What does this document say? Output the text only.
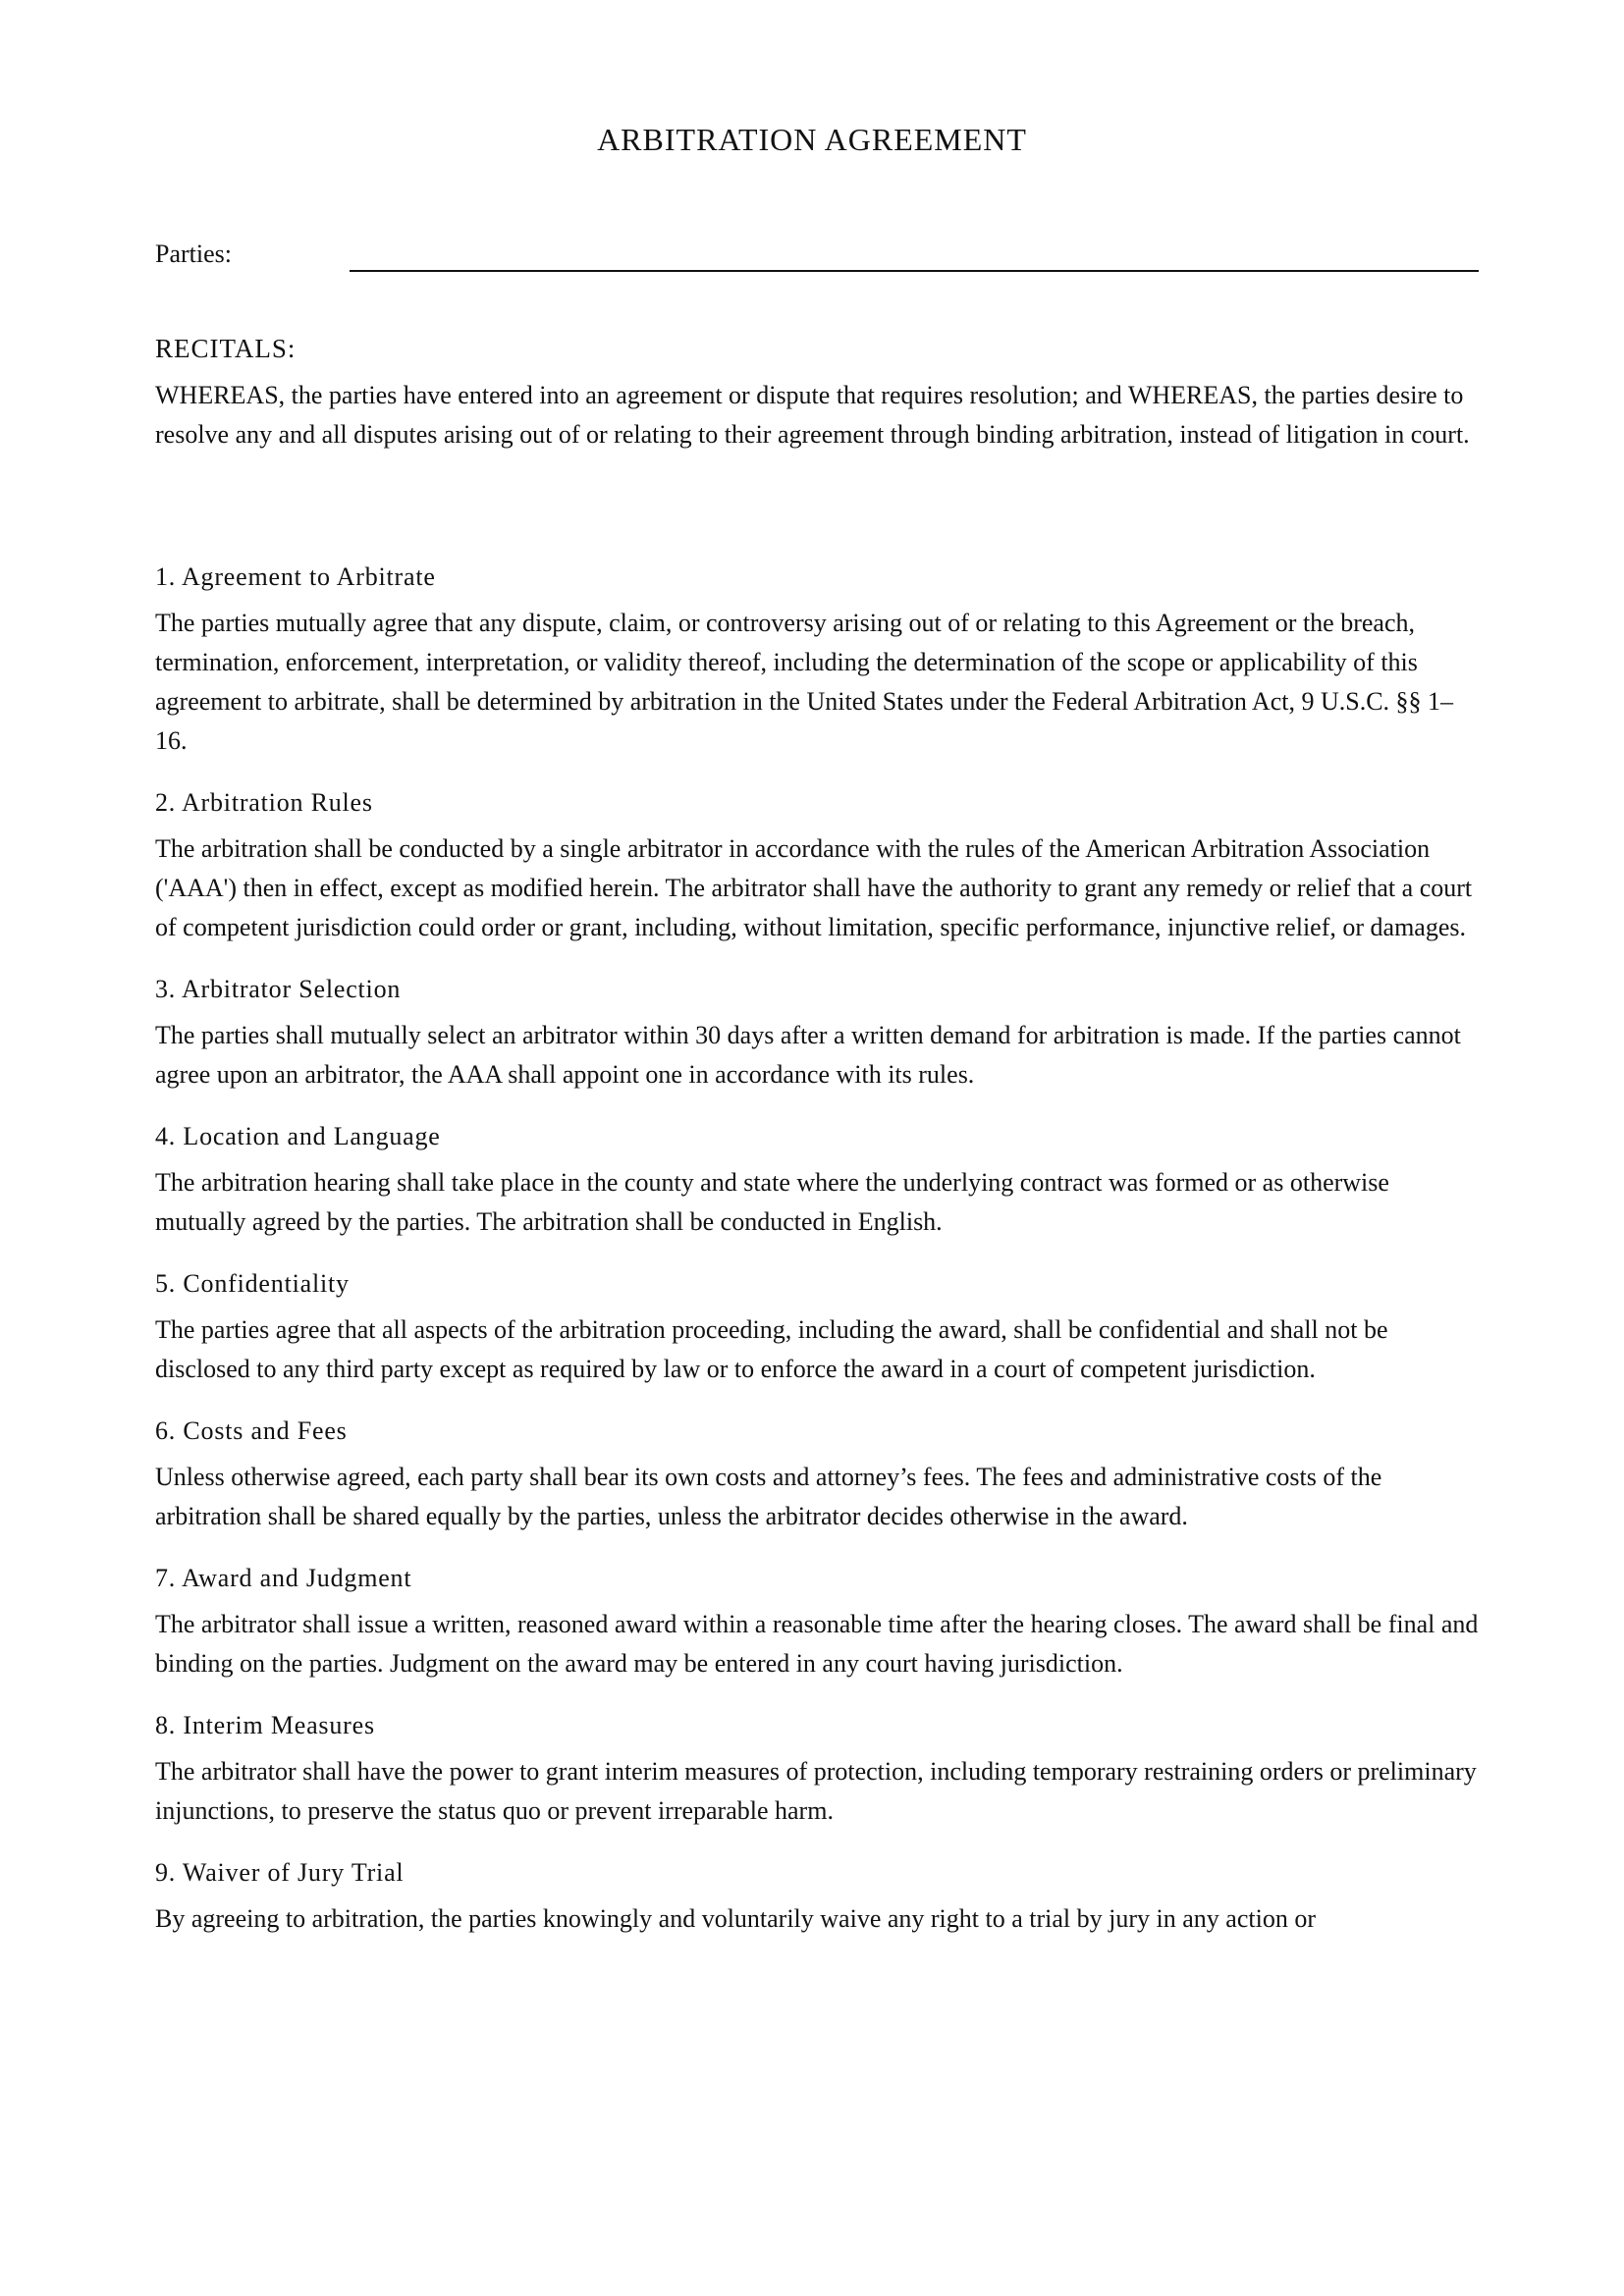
ARBITRATION AGREEMENT
Parties:
RECITALS:

WHEREAS, the parties have entered into an agreement or dispute that requires resolution; and WHEREAS, the parties desire to resolve any and all disputes arising out of or relating to their agreement through binding arbitration, instead of litigation in court.

1. Agreement to Arbitrate

The parties mutually agree that any dispute, claim, or controversy arising out of or relating to this Agreement or the breach, termination, enforcement, interpretation, or validity thereof, including the determination of the scope or applicability of this agreement to arbitrate, shall be determined by arbitration in the United States under the Federal Arbitration Act, 9 U.S.C. §§ 1–16.

2. Arbitration Rules

The arbitration shall be conducted by a single arbitrator in accordance with the rules of the American Arbitration Association ('AAA') then in effect, except as modified herein. The arbitrator shall have the authority to grant any remedy or relief that a court of competent jurisdiction could order or grant, including, without limitation, specific performance, injunctive relief, or damages.

3. Arbitrator Selection

The parties shall mutually select an arbitrator within 30 days after a written demand for arbitration is made. If the parties cannot agree upon an arbitrator, the AAA shall appoint one in accordance with its rules.

4. Location and Language

The arbitration hearing shall take place in the county and state where the underlying contract was formed or as otherwise mutually agreed by the parties. The arbitration shall be conducted in English.

5. Confidentiality

The parties agree that all aspects of the arbitration proceeding, including the award, shall be confidential and shall not be disclosed to any third party except as required by law or to enforce the award in a court of competent jurisdiction.

6. Costs and Fees

Unless otherwise agreed, each party shall bear its own costs and attorney’s fees. The fees and administrative costs of the arbitration shall be shared equally by the parties, unless the arbitrator decides otherwise in the award.

7. Award and Judgment

The arbitrator shall issue a written, reasoned award within a reasonable time after the hearing closes. The award shall be final and binding on the parties. Judgment on the award may be entered in any court having jurisdiction.

8. Interim Measures

The arbitrator shall have the power to grant interim measures of protection, including temporary restraining orders or preliminary injunctions, to preserve the status quo or prevent irreparable harm.

9. Waiver of Jury Trial

By agreeing to arbitration, the parties knowingly and voluntarily waive any right to a trial by jury in any action or
